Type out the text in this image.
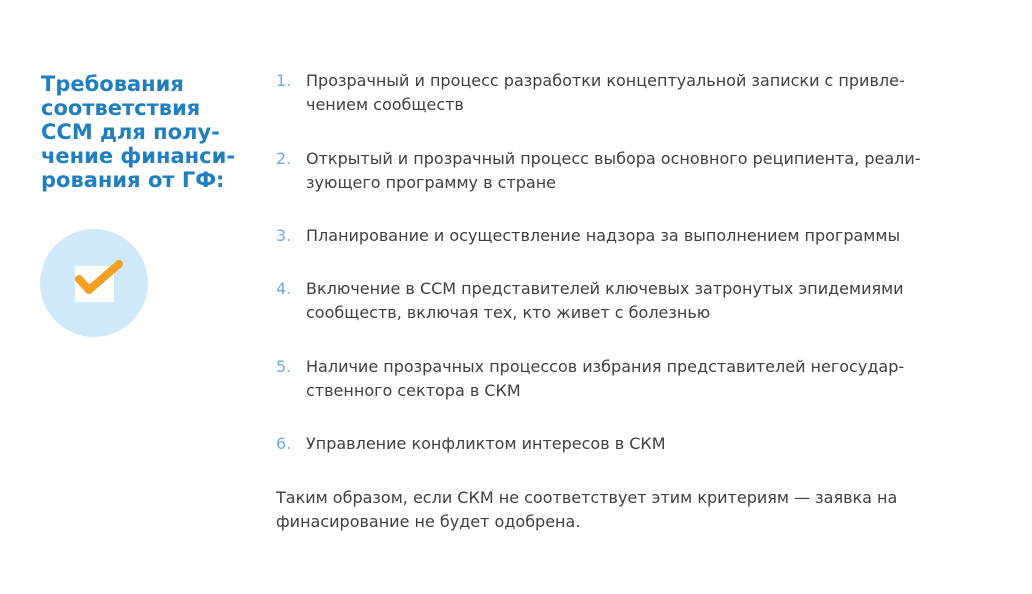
Требования
соответствия
ССМ для полу-
чение финанси-
рования от ГФ:
1. Прозрачный и процесс разработки концептуальной записки с привле-
чением сообществ
2. Открытый и прозрачный процесс выбора основного реципиента, реали-
зующего программу в стране
3. Планирование и осуществление надзора за выполнением программы
4. Включение в ССМ представителей ключевых затронутых эпидемиями
сообществ, включая тех, кто живет с болезнью
5. Наличие прозрачных процессов избрания представителей негосудар-
ственного сектора в СКМ
6. Управление конфликтом интересов в СКМ

Таким образом, если СКМ не соответствует этим критериям — заявка на
финасирование не будет одобрена.
